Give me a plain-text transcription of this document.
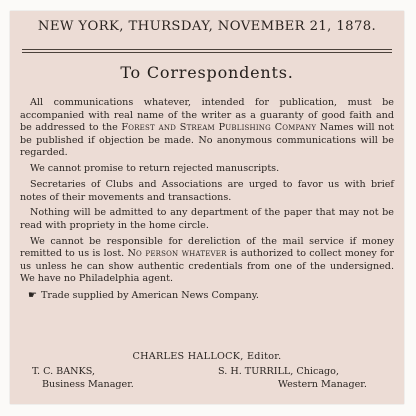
NEW YORK, THURSDAY, NOVEMBER 21, 1878.
To Correspondents.

All communications whatever, intended for publication, must be accompanied with real name of the writer as a guaranty of good faith and be addressed to the Forest and Stream Publishing Company Names will not be published if objection be made. No anonymous communications will be regarded.

We cannot promise to return rejected manuscripts.

Secretaries of Clubs and Associations are urged to favor us with brief notes of their movements and transactions.

Nothing will be admitted to any department of the paper that may not be read with propriety in the home circle.

We cannot be responsible for dereliction of the mail service if money remitted to us is lost. No person whatever is authorized to collect money for us unless he can show authentic credentials from one of the undersigned. We have no Philadelphia agent.

☛ Trade supplied by American News Company.
CHARLES HALLOCK, Editor.
T. C. BANKS,
Business Manager.
S. H. TURRILL, Chicago,
Western Manager.
